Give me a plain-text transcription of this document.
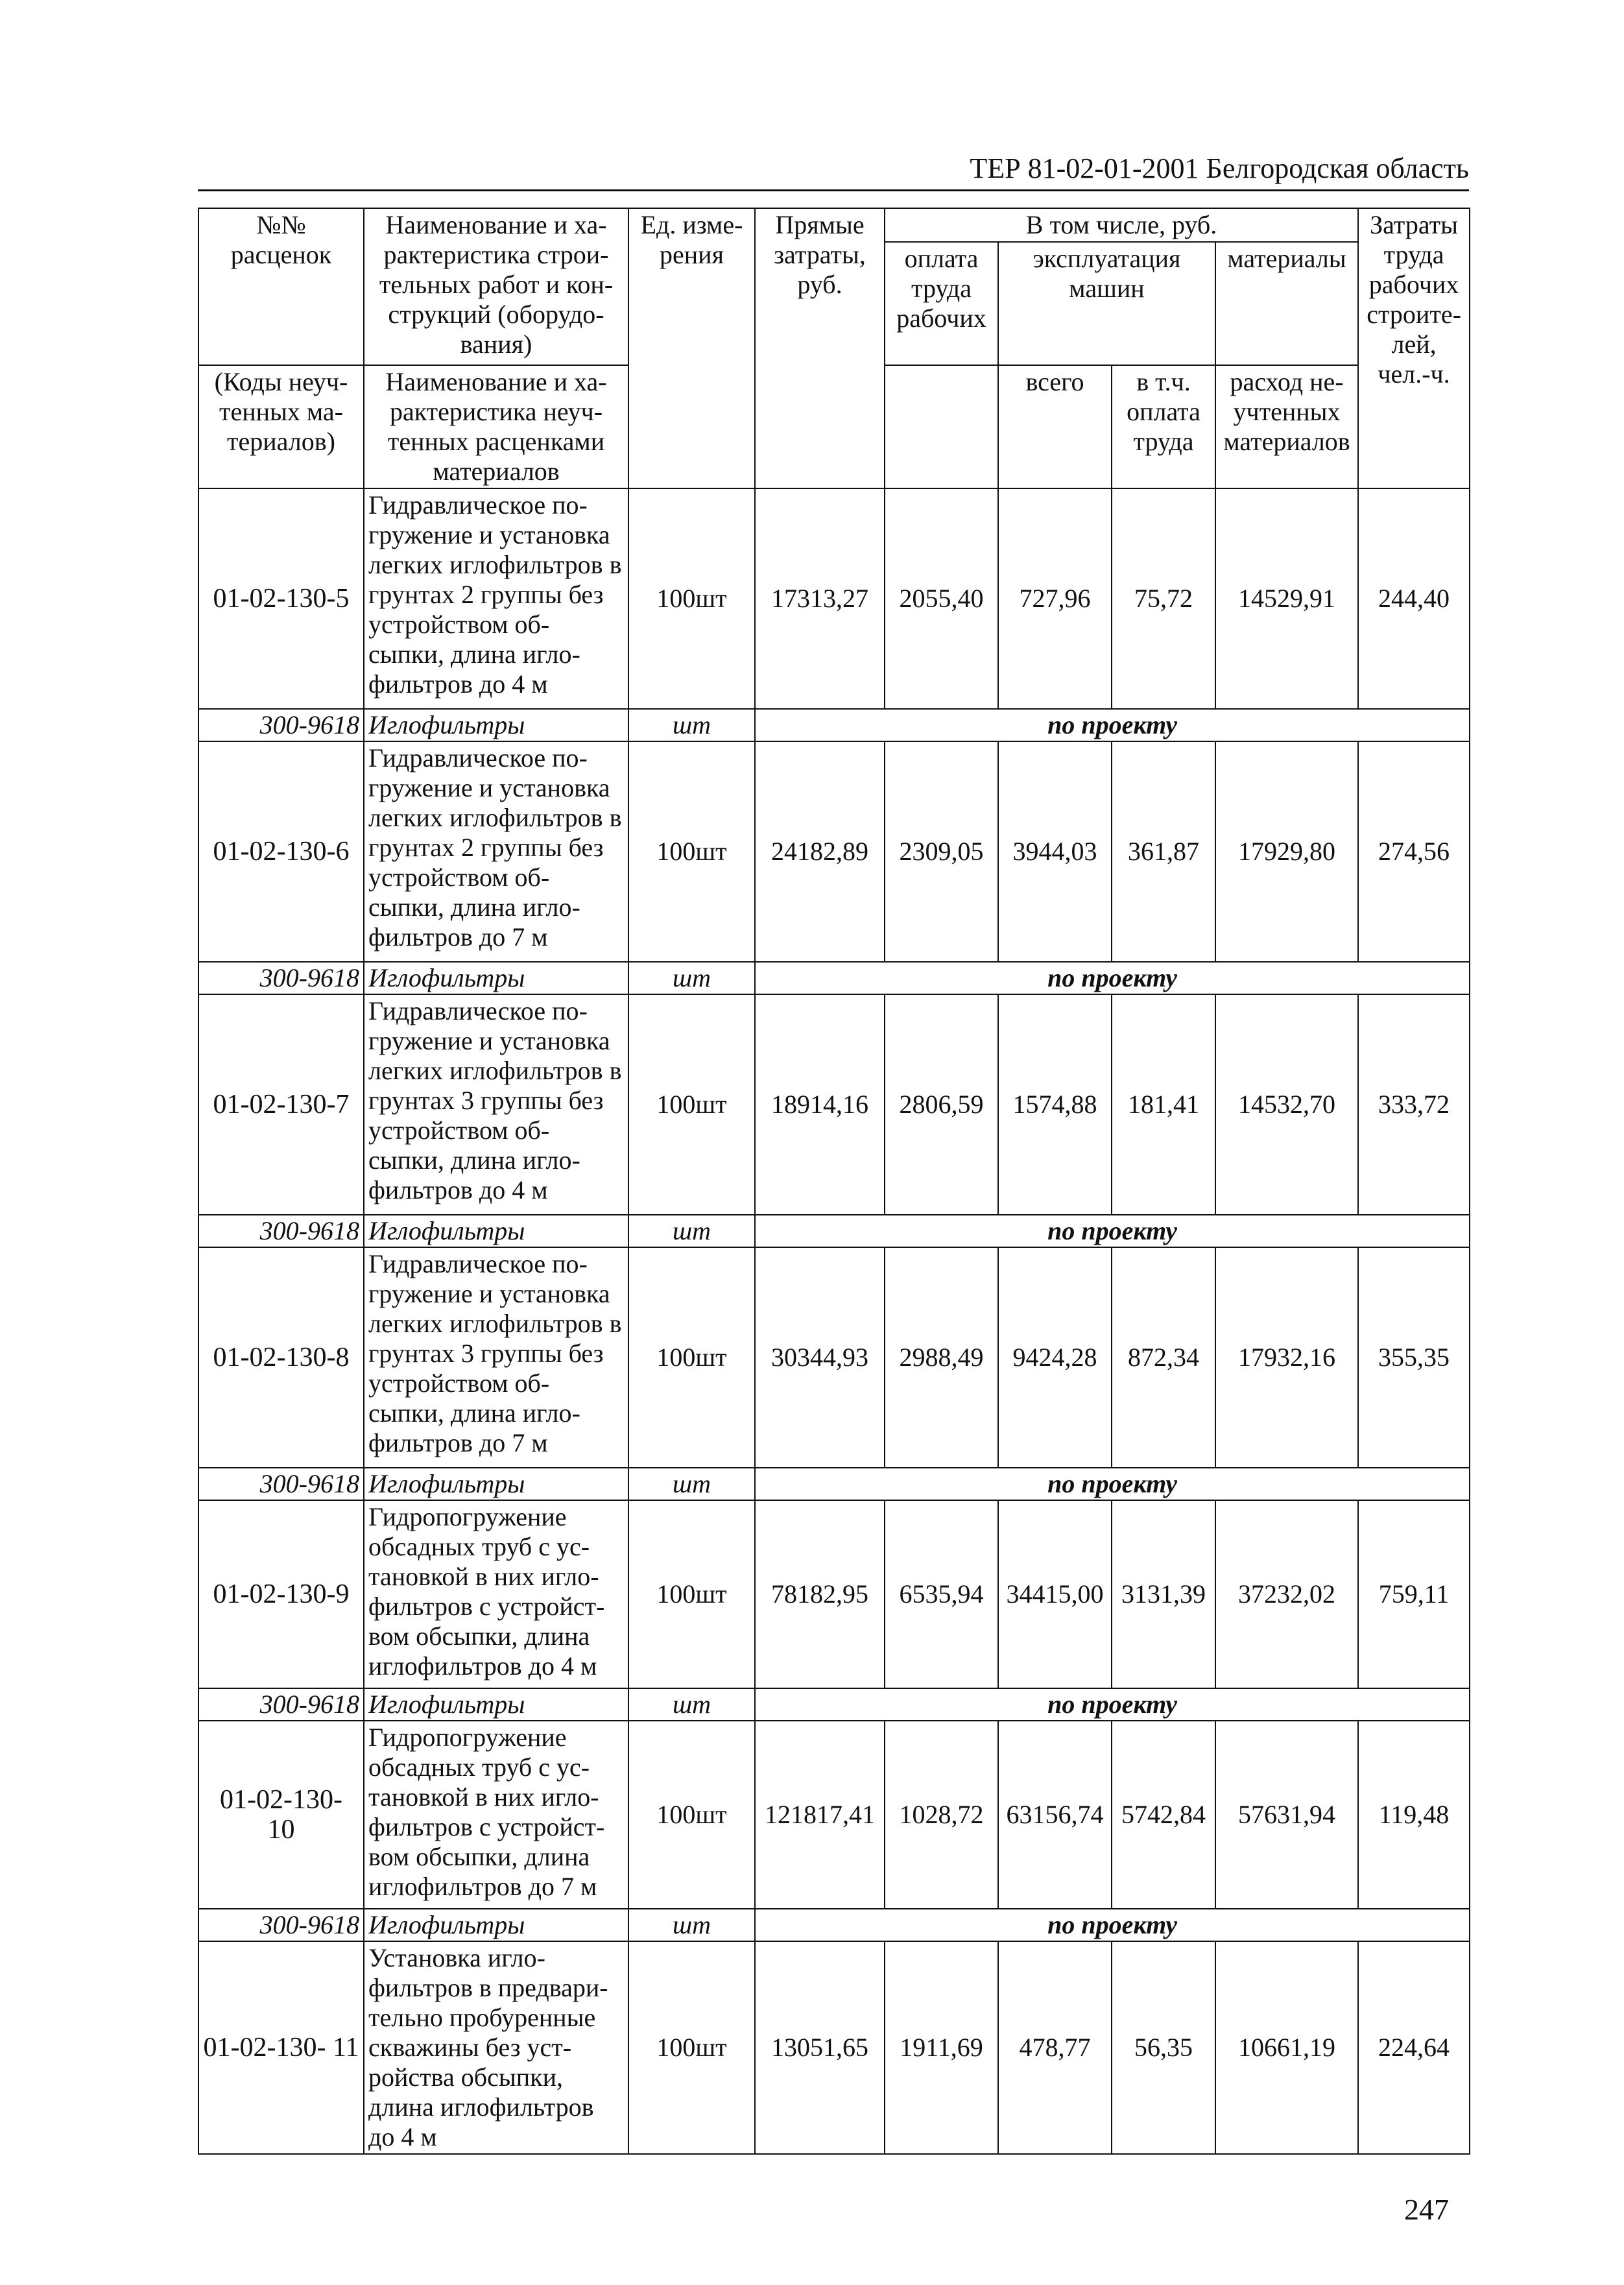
ТЕР 81-02-01-2001 Белгородская область
№№ расценок	Наименование и ха- рактеристика строи- тельных работ и кон- струкций (оборудо- вания)	Ед. изме- рения	Прямые затраты, руб.	В том числе, руб.				Затраты труда рабочих строите- лей, чел.-ч.
				оплата труда рабочих	эксплуатация машин		материалы	
(Коды неуч- тенных ма- териалов)	Наименование и ха- рактеристика неуч- тенных расценками материалов				всего	в т.ч. оплата труда	расход не- учтенных материалов	

01-02-130-5	Гидравлическое по- гружение и установка легких иглофильтров в грунтах 2 группы без устройством об- сыпки, длина игло- фильтров до 4 м	100шт	17313,27	2055,40	727,96	75,72	14529,91	244,40
300-9618	Иглофильтры	шт	по проекту					
01-02-130-6	Гидравлическое по- гружение и установка легких иглофильтров в грунтах 2 группы без устройством об- сыпки, длина игло- фильтров до 7 м	100шт	24182,89	2309,05	3944,03	361,87	17929,80	274,56
300-9618	Иглофильтры	шт	по проекту					
01-02-130-7	Гидравлическое по- гружение и установка легких иглофильтров в грунтах 3 группы без устройством об- сыпки, длина игло- фильтров до 4 м	100шт	18914,16	2806,59	1574,88	181,41	14532,70	333,72
300-9618	Иглофильтры	шт	по проекту					
01-02-130-8	Гидравлическое по- гружение и установка легких иглофильтров в грунтах 3 группы без устройством об- сыпки, длина игло- фильтров до 7 м	100шт	30344,93	2988,49	9424,28	872,34	17932,16	355,35
300-9618	Иглофильтры	шт	по проекту					
01-02-130-9	Гидропогружение обсадных труб с ус- тановкой в них игло- фильтров с устройст- вом обсыпки, длина иглофильтров до 4 м	100шт	78182,95	6535,94	34415,00	3131,39	37232,02	759,11
300-9618	Иглофильтры	шт	по проекту					
01-02-130- 10	Гидропогружение обсадных труб с ус- тановкой в них игло- фильтров с устройст- вом обсыпки, длина иглофильтров до 7 м	100шт	121817,41	1028,72	63156,74	5742,84	57631,94	119,48
300-9618	Иглофильтры	шт	по проекту					
01-02-130- 11	Установка игло- фильтров в предвари- тельно пробуренные скважины без уст- ройства обсыпки, длина иглофильтров до 4 м	100шт	13051,65	1911,69	478,77	56,35	10661,19	224,64
247
